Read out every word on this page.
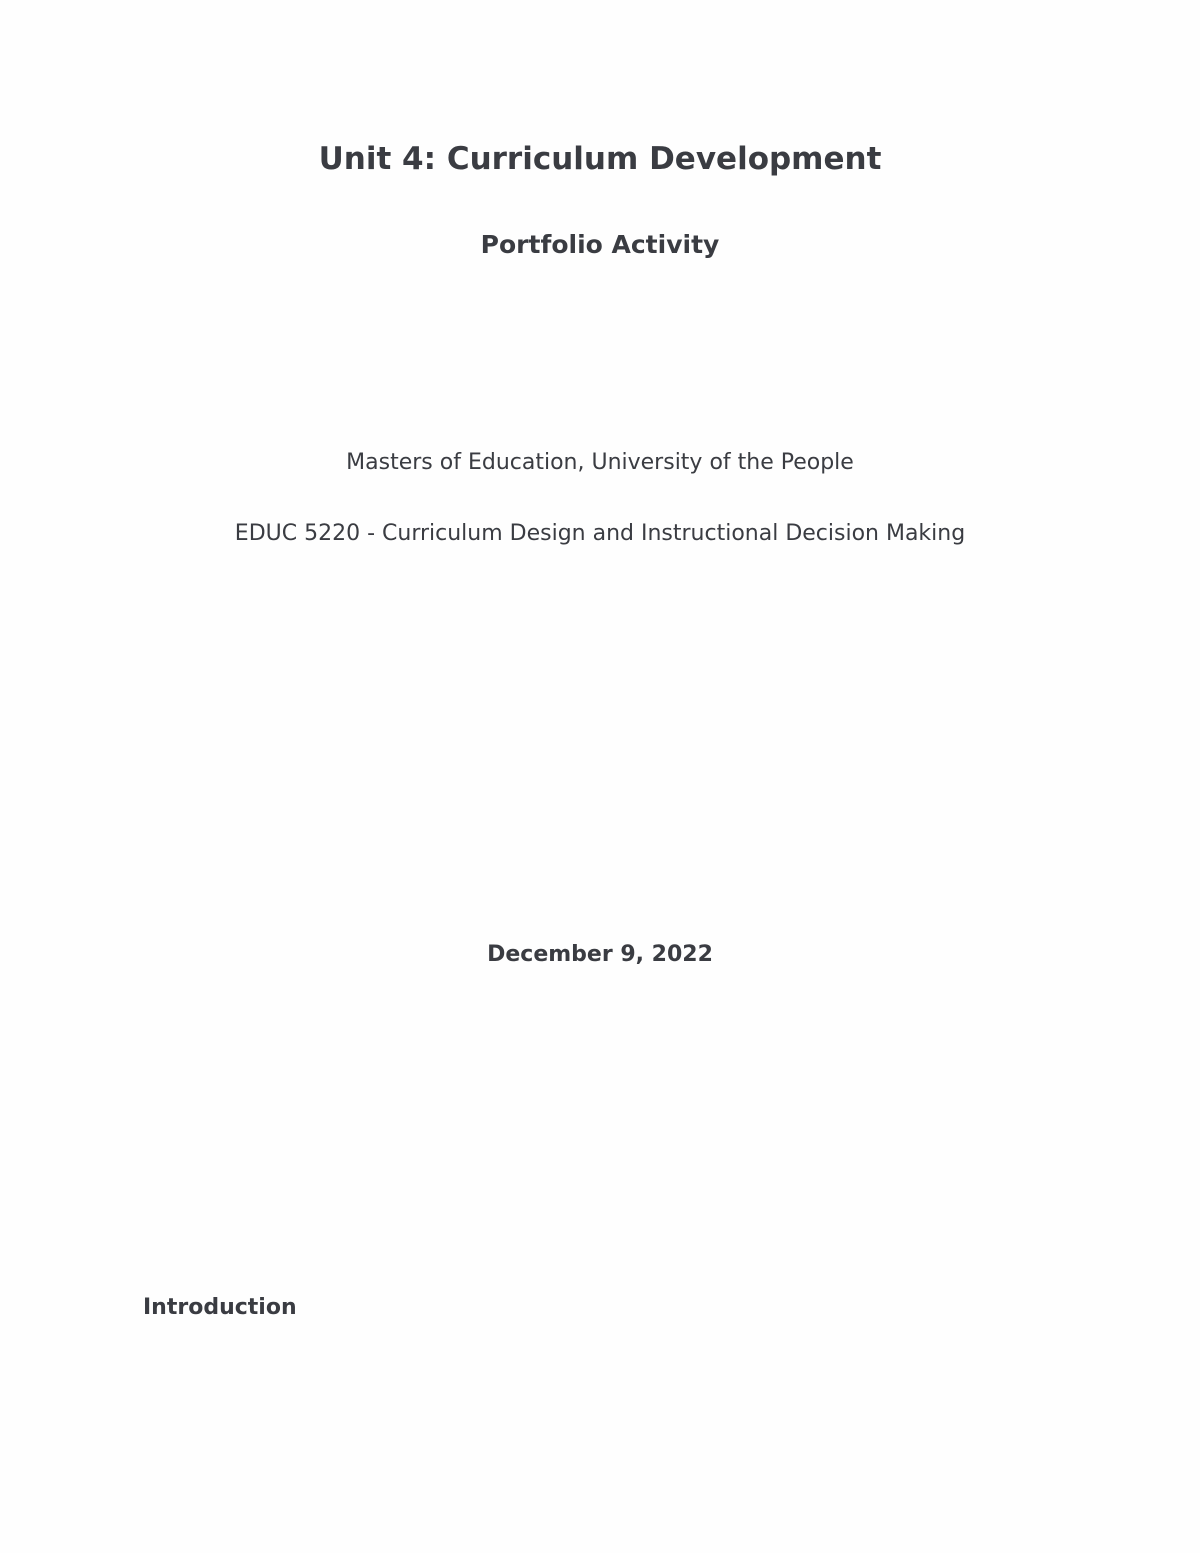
Unit 4: Curriculum Development
Portfolio Activity
Masters of Education, University of the People
EDUC 5220 - Curriculum Design and Instructional Decision Making
December 9, 2022
Introduction
